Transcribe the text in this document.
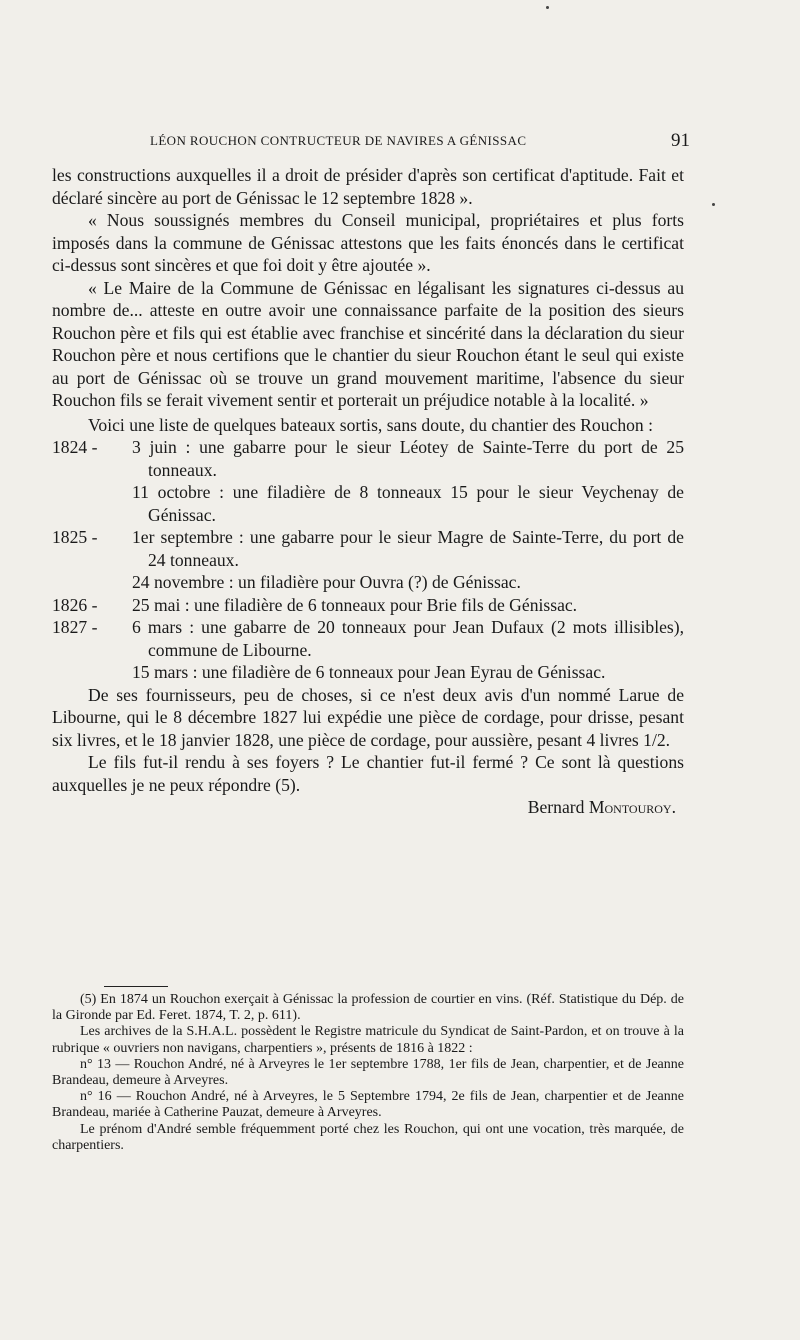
LÉON ROUCHON CONTRUCTEUR DE NAVIRES A GÉNISSAC	91

les constructions auxquelles il a droit de présider d'après son certificat d'aptitude. Fait et déclaré sincère au port de Génissac le 12 septembre 1828 ».

« Nous soussignés membres du Conseil municipal, propriétaires et plus forts imposés dans la commune de Génissac attestons que les faits énoncés dans le certificat ci-dessus sont sincères et que foi doit y être ajoutée ».

« Le Maire de la Commune de Génissac en légalisant les signatures ci-dessus au nombre de... atteste en outre avoir une connaissance parfaite de la position des sieurs Rouchon père et fils qui est établie avec franchise et sincérité dans la déclaration du sieur Rouchon père et nous certifions que le chantier du sieur Rouchon étant le seul qui existe au port de Génissac où se trouve un grand mouvement maritime, l'absence du sieur Rouchon fils se ferait vivement sentir et porterait un préjudice notable à la localité. »

Voici une liste de quelques bateaux sortis, sans doute, du chantier des Rouchon :

1824 -	3 juin : une gabarre pour le sieur Léotey de Sainte-Terre du port de 25 tonneaux.

11 octobre : une filadière de 8 tonneaux 15 pour le sieur Veychenay de Génissac.

1825 -	1er septembre : une gabarre pour le sieur Magre de Sainte-Terre, du port de 24 tonneaux.

24 novembre : un filadière pour Ouvra (?) de Génissac.

1826 -	25 mai : une filadière de 6 tonneaux pour Brie fils de Génissac.

1827 -	6 mars : une gabarre de 20 tonneaux pour Jean Dufaux (2 mots illisibles), commune de Libourne.

15 mars : une filadière de 6 tonneaux pour Jean Eyrau de Génissac.

De ses fournisseurs, peu de choses, si ce n'est deux avis d'un nommé Larue de Libourne, qui le 8 décembre 1827 lui expédie une pièce de cordage, pour drisse, pesant six livres, et le 18 janvier 1828, une pièce de cordage, pour aussière, pesant 4 livres 1/2.

Le fils fut-il rendu à ses foyers ? Le chantier fut-il fermé ? Ce sont là questions auxquelles je ne peux répondre (5).

Bernard Montouroy.

(5) En 1874 un Rouchon exerçait à Génissac la profession de courtier en vins. (Réf. Statistique du Dép. de la Gironde par Ed. Feret. 1874, T. 2, p. 611).

Les archives de la S.H.A.L. possèdent le Registre matricule du Syndicat de Saint-Pardon, et on trouve à la rubrique « ouvriers non navigans, charpentiers », présents de 1816 à 1822 :

n° 13 — Rouchon André, né à Arveyres le 1er septembre 1788, 1er fils de Jean, charpentier, et de Jeanne Brandeau, demeure à Arveyres.

n° 16 — Rouchon André, né à Arveyres, le 5 Septembre 1794, 2e fils de Jean, charpentier et de Jeanne Brandeau, mariée à Catherine Pauzat, demeure à Arveyres.

Le prénom d'André semble fréquemment porté chez les Rouchon, qui ont une vocation, très marquée, de charpentiers.
